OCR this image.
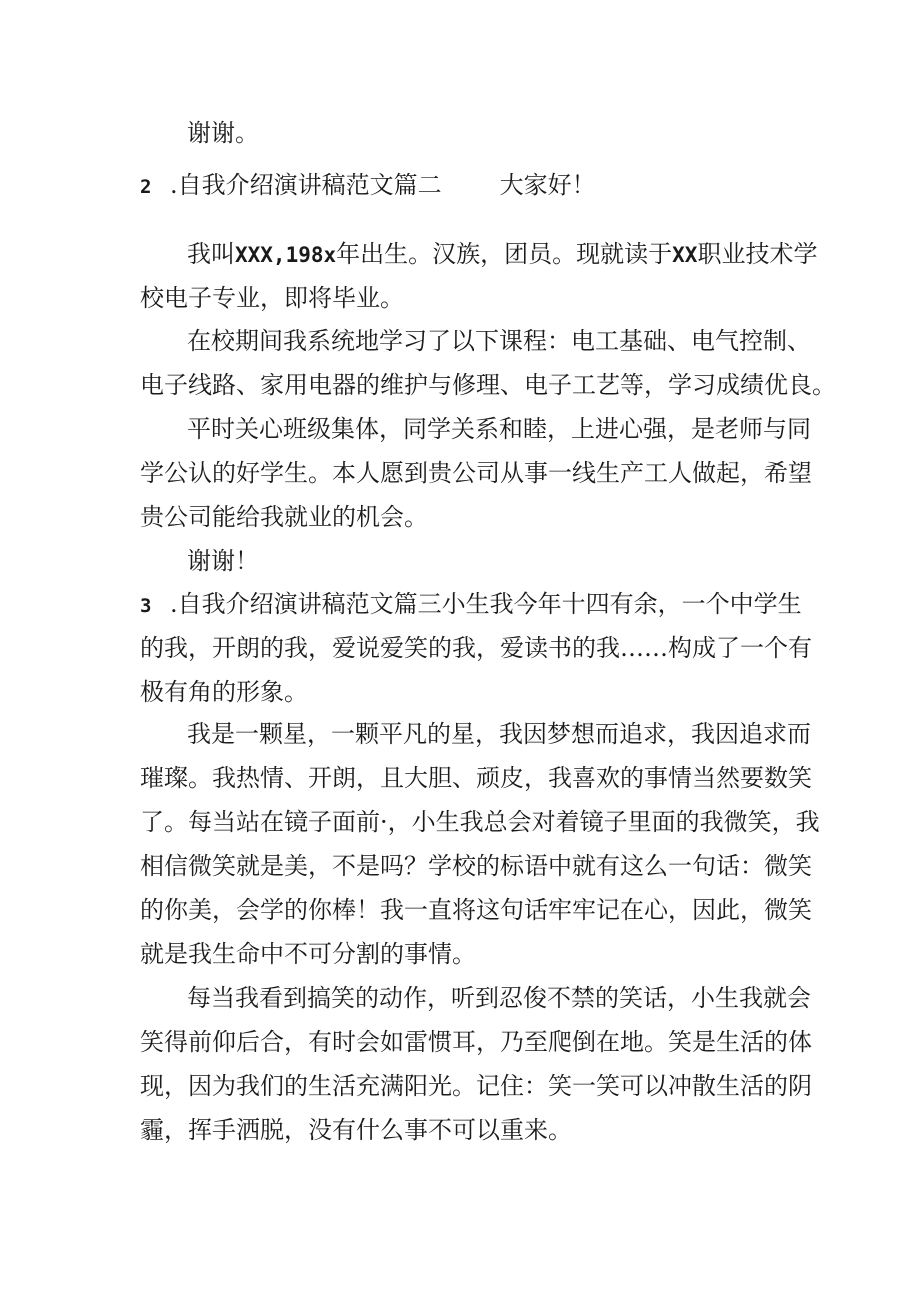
谢谢。
2 .自我介绍演讲稿范文篇二 大家好！
我叫XXX,198x年出生。汉族，团员。现就读于XX职业技术学
校电子专业，即将毕业。
在校期间我系统地学习了以下课程：电工基础、电气控制、
电子线路、家用电器的维护与修理、电子工艺等，学习成绩优良。
平时关心班级集体，同学关系和睦，上进心强，是老师与同
学公认的好学生。本人愿到贵公司从事一线生产工人做起，希望
贵公司能给我就业的机会。
谢谢！
3 .自我介绍演讲稿范文篇三小生我今年十四有余，一个中学生
的我，开朗的我，爱说爱笑的我，爱读书的我……构成了一个有
极有角的形象。
我是一颗星，一颗平凡的星，我因梦想而追求，我因追求而
璀璨。我热情、开朗，且大胆、顽皮，我喜欢的事情当然要数笑
了。每当站在镜子面前·，小生我总会对着镜子里面的我微笑，我
相信微笑就是美，不是吗？学校的标语中就有这么一句话：微笑
的你美，会学的你棒！我一直将这句话牢牢记在心，因此，微笑
就是我生命中不可分割的事情。
每当我看到搞笑的动作，听到忍俊不禁的笑话，小生我就会
笑得前仰后合，有时会如雷惯耳，乃至爬倒在地。笑是生活的体
现，因为我们的生活充满阳光。记住：笑一笑可以冲散生活的阴
霾，挥手洒脱，没有什么事不可以重来。
